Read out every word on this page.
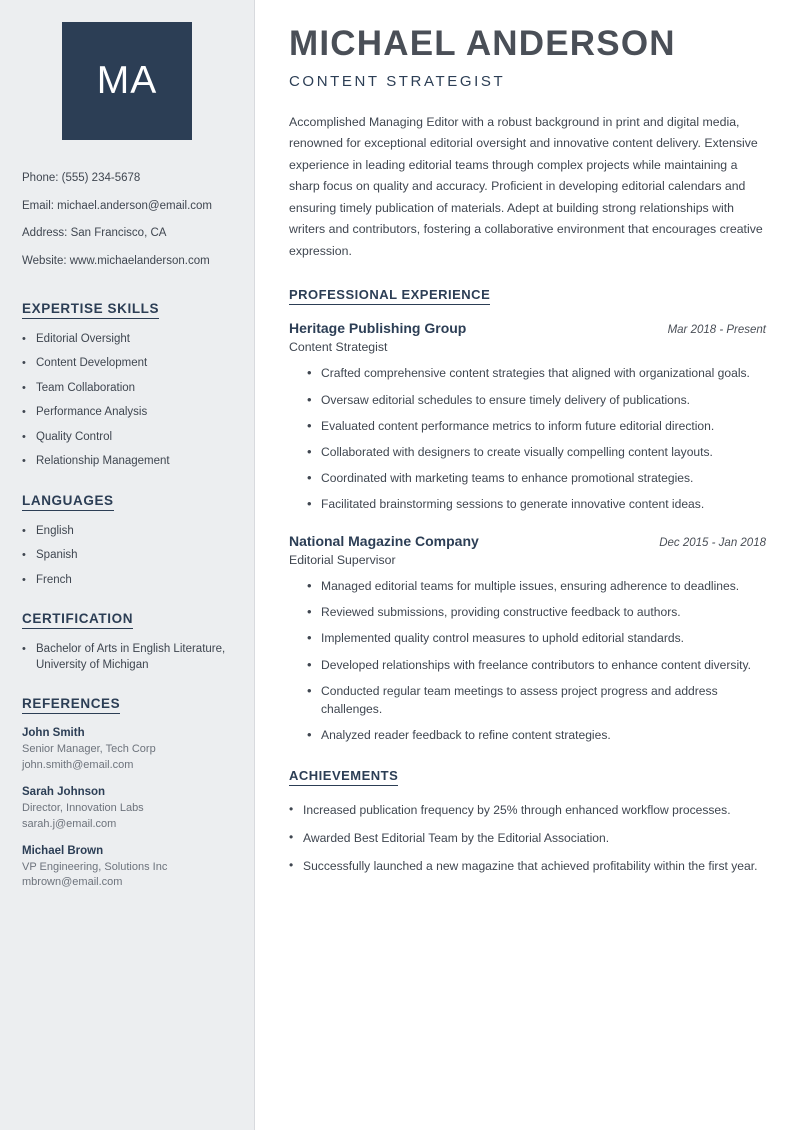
MA
Phone: (555) 234-5678
Email: michael.anderson@email.com
Address: San Francisco, CA
Website: www.michaelanderson.com
EXPERTISE SKILLS
• Editorial Oversight
• Content Development
• Team Collaboration
• Performance Analysis
• Quality Control
• Relationship Management
LANGUAGES
• English
• Spanish
• French
CERTIFICATION
• Bachelor of Arts in English Literature, University of Michigan
REFERENCES
John Smith
Senior Manager, Tech Corp
john.smith@email.com
Sarah Johnson
Director, Innovation Labs
sarah.j@email.com
Michael Brown
VP Engineering, Solutions Inc
mbrown@email.com
MICHAEL ANDERSON
CONTENT STRATEGIST

Accomplished Managing Editor with a robust background in print and digital media, renowned for exceptional editorial oversight and innovative content delivery. Extensive experience in leading editorial teams through complex projects while maintaining a sharp focus on quality and accuracy. Proficient in developing editorial calendars and ensuring timely publication of materials. Adept at building strong relationships with writers and contributors, fostering a collaborative environment that encourages creative expression.

PROFESSIONAL EXPERIENCE
Heritage Publishing Group	Mar 2018 - Present
Content Strategist
• Crafted comprehensive content strategies that aligned with organizational goals.
• Oversaw editorial schedules to ensure timely delivery of publications.
• Evaluated content performance metrics to inform future editorial direction.
• Collaborated with designers to create visually compelling content layouts.
• Coordinated with marketing teams to enhance promotional strategies.
• Facilitated brainstorming sessions to generate innovative content ideas.
National Magazine Company	Dec 2015 - Jan 2018
Editorial Supervisor
• Managed editorial teams for multiple issues, ensuring adherence to deadlines.
• Reviewed submissions, providing constructive feedback to authors.
• Implemented quality control measures to uphold editorial standards.
• Developed relationships with freelance contributors to enhance content diversity.
• Conducted regular team meetings to assess project progress and address challenges.
• Analyzed reader feedback to refine content strategies.
ACHIEVEMENTS
• Increased publication frequency by 25% through enhanced workflow processes.
• Awarded Best Editorial Team by the Editorial Association.
• Successfully launched a new magazine that achieved profitability within the first year.
